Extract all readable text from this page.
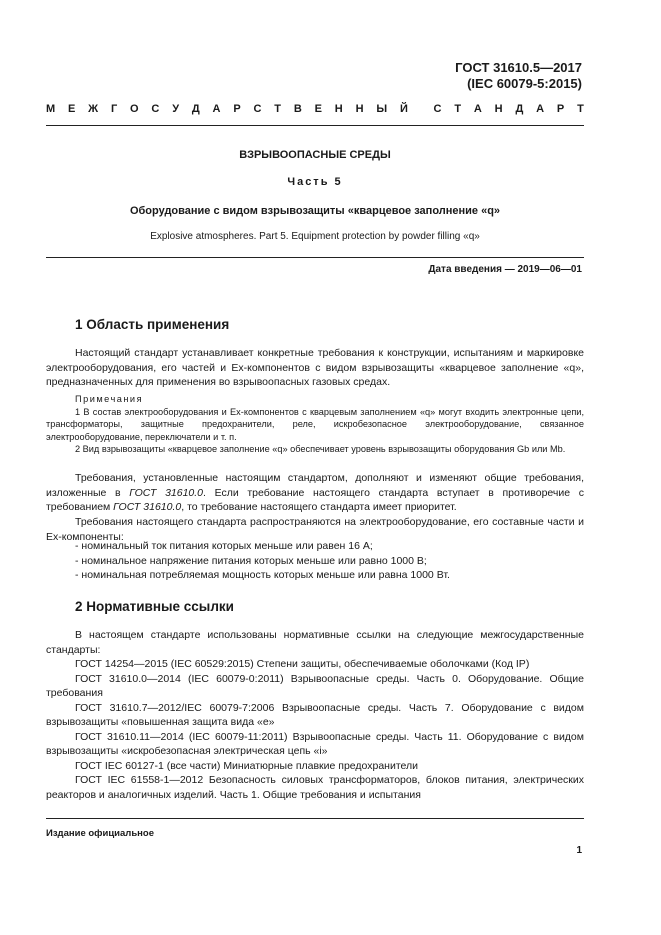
ГОСТ 31610.5—2017
(IEC 60079-5:2015)
М Е Ж Г О С У Д А Р С Т В Е Н Н Ы Й С Т А Н Д А Р Т
ВЗРЫВООПАСНЫЕ СРЕДЫ
Часть 5
Оборудование с видом взрывозащиты «кварцевое заполнение «q»
Explosive atmospheres. Part 5. Equipment protection by powder filling «q»
Дата введения — 2019—06—01
1 Область применения
Настоящий стандарт устанавливает конкретные требования к конструкции, испытаниям и маркировке электрооборудования, его частей и Ех-компонентов с видом взрывозащиты «кварцевое заполнение «q», предназначенных для применения во взрывоопасных газовых средах.
Примечания
1 В состав электрооборудования и Ех-компонентов с кварцевым заполнением «q» могут входить электронные цепи, трансформаторы, защитные предохранители, реле, искробезопасное электрооборудование, связанное электрооборудование, переключатели и т. п.
2 Вид взрывозащиты «кварцевое заполнение «q» обеспечивает уровень взрывозащиты оборудования Gb или Mb.
Требования, установленные настоящим стандартом, дополняют и изменяют общие требования, изложенные в ГОСТ 31610.0. Если требование настоящего стандарта вступает в противоречие с требованием ГОСТ 31610.0, то требование настоящего стандарта имеет приоритет.
Требования настоящего стандарта распространяются на электрооборудование, его составные части и Ех-компоненты:
- номинальный ток питания которых меньше или равен 16 А;
- номинальное напряжение питания которых меньше или равно 1000 В;
- номинальная потребляемая мощность которых меньше или равна 1000 Вт.
2 Нормативные ссылки
В настоящем стандарте использованы нормативные ссылки на следующие межгосударственные стандарты:
ГОСТ 14254—2015 (IEC 60529:2015) Степени защиты, обеспечиваемые оболочками (Код IP)
ГОСТ 31610.0—2014 (IEC 60079-0:2011) Взрывоопасные среды. Часть 0. Оборудование. Общие требования
ГОСТ 31610.7—2012/IEC 60079-7:2006 Взрывоопасные среды. Часть 7. Оборудование с видом взрывозащиты «повышенная защита вида «e»
ГОСТ 31610.11—2014 (IEC 60079-11:2011) Взрывоопасные среды. Часть 11. Оборудование с видом взрывозащиты «искробезопасная электрическая цепь «i»
ГОСТ IEC 60127-1 (все части) Миниатюрные плавкие предохранители
ГОСТ IEC 61558-1—2012 Безопасность силовых трансформаторов, блоков питания, электрических реакторов и аналогичных изделий. Часть 1. Общие требования и испытания
Издание официальное
1
